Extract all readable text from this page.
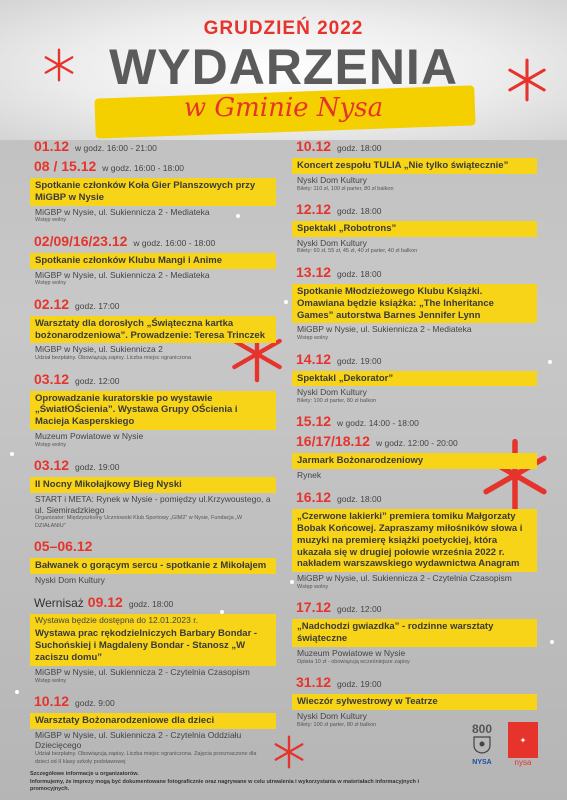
GRUDZIEŃ 2022
WYDARZENIA
w Gminie Nysa
01.12 w godz. 16:00 - 21:00
08 / 15.12 w godz. 16:00 - 18:00
Spotkanie członków Koła Gier Planszowych przy MiGBP w Nysie
MiGBP w Nysie, ul. Sukiennicza 2 - Mediateka
Wstęp wolny
02/09/16/23.12 w godz. 16:00 - 18:00
Spotkanie członków Klubu Mangi i Anime
MiGBP w Nysie, ul. Sukiennicza 2 - Mediateka
Wstęp wolny
02.12 godz. 17:00
Warsztaty dla dorosłych „Świąteczna kartka bożonarodzeniowa”. Prowadzenie: Teresa Trinczek
MiGBP w Nysie, ul. Sukiennicza 2
Udział bezpłatny. Obowiązują zapisy. Liczba miejsc ograniczona
03.12 godz. 12:00
Oprowadzanie kuratorskie po wystawie „ŚwiatłOŚcienia”. Wystawa Grupy OŚcienia i Macieja Kasperskiego
Muzeum Powiatowe w Nysie
Wstęp wolny
03.12 godz. 19:00
II Nocny Mikołajkowy Bieg Nyski
START i META: Rynek w Nysie - pomiędzy ul.Krzywoustego, a ul. Siemiradzkiego
Organizator: Międzyszkolny Uczniowski Klub Sportowy „GIM2” w Nysie, Fundacja „W DZIAŁANIU”
05–06.12
Bałwanek o gorącym sercu - spotkanie z Mikołajem
Nyski Dom Kultury
Wernisaż 09.12 godz. 18:00
Wystawa będzie dostępna do 12.01.2023 r.
Wystawa prac rękodzielniczych Barbary Bondar - Suchońskiej i Magdaleny Bondar - Stanosz „W zaciszu domu”
MiGBP w Nysie, ul. Sukiennicza 2 - Czytelnia Czasopism
Wstęp wolny
10.12 godz. 9:00
Warsztaty Bożonarodzeniowe dla dzieci
MiGBP w Nysie, ul. Sukiennicza 2 - Czytelnia Oddziału Dziecięcego
Udział bezpłatny. Obowiązują zapisy. Liczba miejsc ograniczona. Zajęcia przeznaczone dla dzieci od II klasy szkoły podstawowej
10.12 godz. 18:00
Koncert zespołu TULIA „Nie tylko świątecznie”
Nyski Dom Kultury
Bilety: 110 zł, 100 zł parter, 80 zł balkon
12.12 godz. 18:00
Spektakl „Robotrons”
Nyski Dom Kultury
Bilety: 60 zł, 55 zł, 45 zł, 40 zł parter, 40 zł balkon
13.12 godz. 18:00
Spotkanie Młodzieżowego Klubu Książki. Omawiana będzie książka: „The Inheritance Games” autorstwa Barnes Jennifer Lynn
MiGBP w Nysie, ul. Sukiennicza 2 - Mediateka
Wstęp wolny
14.12 godz. 19:00
Spektakl „Dekorator”
Nyski Dom Kultury
Bilety: 100 zł parter, 80 zł balkon
15.12 w godz. 14:00 - 18:00
16/17/18.12 w godz. 12:00 - 20:00
Jarmark Bożonarodzeniowy
Rynek
16.12 godz. 18:00
„Czerwone lakierki” premiera tomiku Małgorzaty Bobak Końcowej. Zapraszamy miłośników słowa i muzyki na premierę książki poetyckiej, która ukazała się w drugiej połowie września 2022 r. nakładem warszawskiego wydawnictwa Anagram
MiGBP w Nysie, ul. Sukiennicza 2 - Czytelnia Czasopism
Wstęp wolny
17.12 godz. 12:00
„Nadchodzi gwiazdka” - rodzinne warsztaty świąteczne
Muzeum Powiatowe w Nysie
Opłata 10 zł - obowiązują wcześniejsze zapisy
31.12 godz. 19:00
Wieczór sylwestrowy w Teatrze
Nyski Dom Kultury
Bilety: 100 zł parter, 80 zł balkon	800
NYSA
✦
nysa
Szczegółowe informacje u organizatorów.
Informujemy, że imprezy mogą być dokumentowane fotograficznie oraz nagrywane w celu utrwalenia i wykorzystania w materiałach informacyjnych i promocyjnych.
